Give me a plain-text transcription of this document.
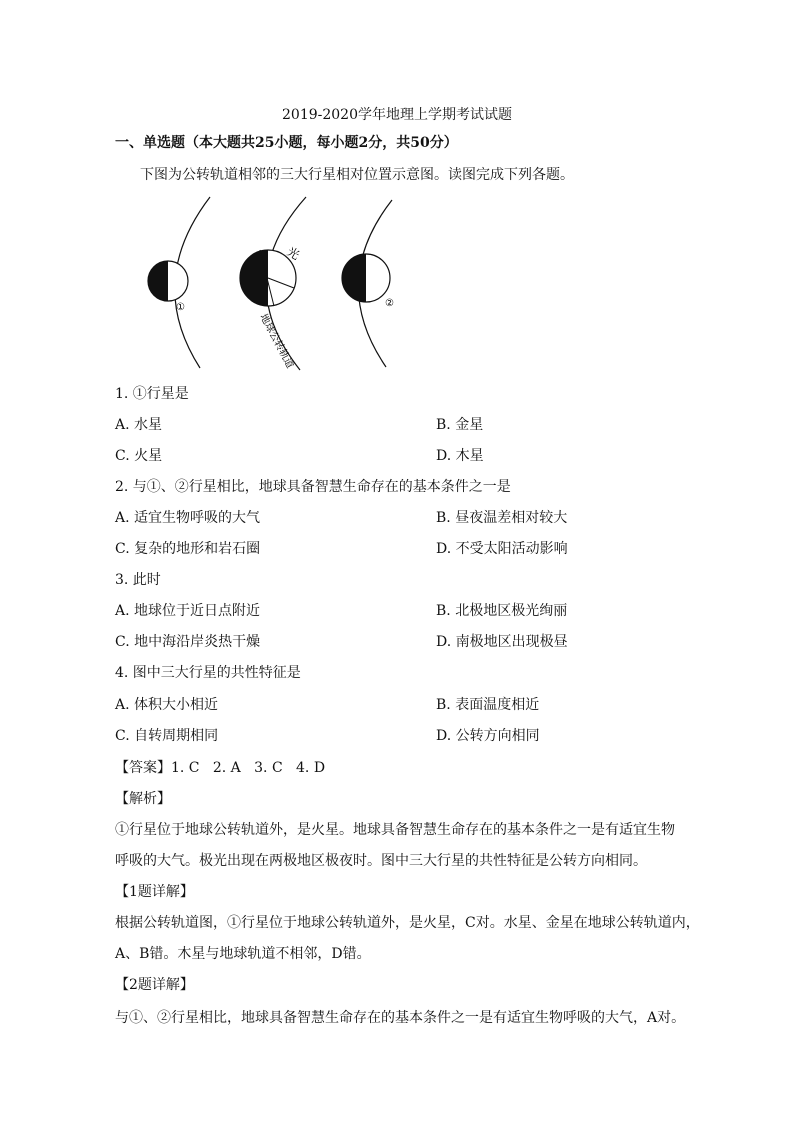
2019-2020学年地理上学期考试试题
一、单选题（本大题共25小题，每小题2分，共50分）
下图为公转轨道相邻的三大行星相对位置示意图。读图完成下列各题。
①
光
地球公转轨道
②
1. ①行星是
A. 水星	B. 金星
C. 火星	D. 木星
2. 与①、②行星相比，地球具备智慧生命存在的基本条件之一是
A. 适宜生物呼吸的大气	B. 昼夜温差相对较大
C. 复杂的地形和岩石圈	D. 不受太阳活动影响
3. 此时
A. 地球位于近日点附近	B. 北极地区极光绚丽
C. 地中海沿岸炎热干燥	D. 南极地区出现极昼
4. 图中三大行星的共性特征是
A. 体积大小相近	B. 表面温度相近
C. 自转周期相同	D. 公转方向相同
【答案】1. C   2. A   3. C   4. D
【解析】
①行星位于地球公转轨道外，是火星。地球具备智慧生命存在的基本条件之一是有适宜生物
呼吸的大气。极光出现在两极地区极夜时。图中三大行星的共性特征是公转方向相同。
【1题详解】
根据公转轨道图，①行星位于地球公转轨道外，是火星，C对。水星、金星在地球公转轨道内，
A、B错。木星与地球轨道不相邻，D错。
【2题详解】
与①、②行星相比，地球具备智慧生命存在的基本条件之一是有适宜生物呼吸的大气，A对。
